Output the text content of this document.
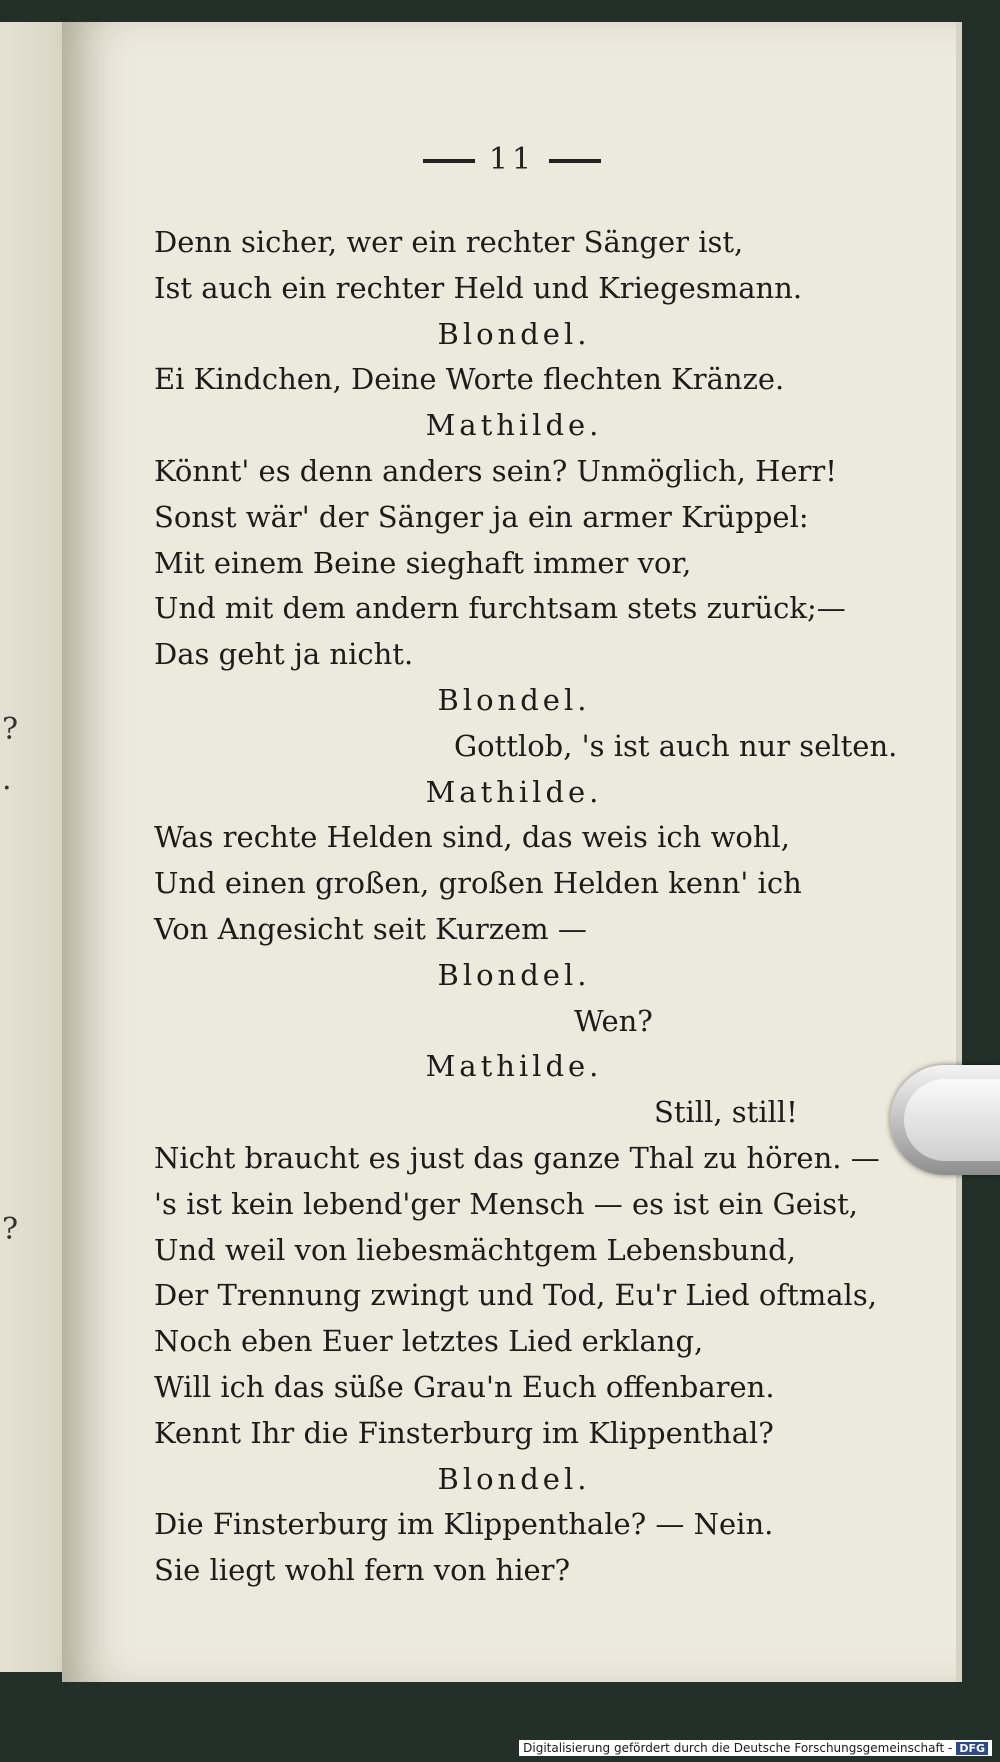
?
.
?
11
Denn sicher, wer ein rechter Sänger ist,
Ist auch ein rechter Held und Kriegesmann.
Blondel.
Ei Kindchen, Deine Worte flechten Kränze.
Mathilde.
Könnt' es denn anders sein? Unmöglich, Herr!
Sonst wär' der Sänger ja ein armer Krüppel:
Mit einem Beine sieghaft immer vor,
Und mit dem andern furchtsam stets zurück;—
Das geht ja nicht.
Blondel.
Gottlob, 's ist auch nur selten.
Mathilde.
Was rechte Helden sind, das weis ich wohl,
Und einen großen, großen Helden kenn' ich
Von Angesicht seit Kurzem —
Blondel.
Wen?
Mathilde.
Still, still!
Nicht braucht es just das ganze Thal zu hören. —
's ist kein lebend'ger Mensch — es ist ein Geist,
Und weil von liebesmächtgem Lebensbund,
Der Trennung zwingt und Tod, Eu'r Lied oftmals,
Noch eben Euer letztes Lied erklang,
Will ich das süße Grau'n Euch offenbaren.
Kennt Ihr die Finsterburg im Klippenthal?
Blondel.
Die Finsterburg im Klippenthale? — Nein.
Sie liegt wohl fern von hier?
Digitalisierung gefördert durch die Deutsche Forschungsgemeinschaft - DFG
